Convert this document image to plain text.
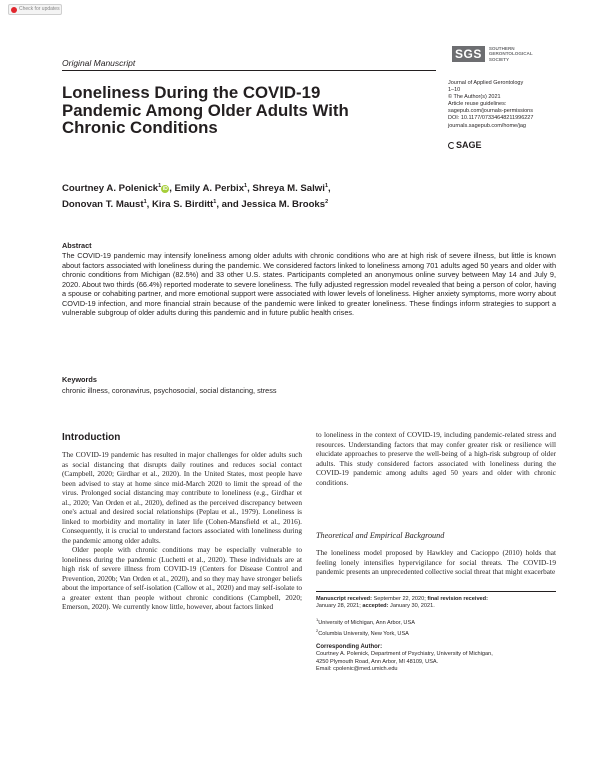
Check for updates
Original Manuscript
SGS	SOUTHERN
GERONTOLOGICAL
SOCIETY
Journal of Applied Gerontology
1–10
© The Author(s) 2021
Article reuse guidelines:
sagepub.com/journals-permissions
DOI: 10.1177/07334648211996227
journals.sagepub.com/home/jag
SAGE
Loneliness During the COVID-19
Pandemic Among Older Adults With
Chronic Conditions
Courtney A. Polenick$^1$iD , Emily A. Perbix$^1$, Shreya M. Salwi$^1$,
Donovan T. Maust$^1$, Kira S. Birditt$^1$, and Jessica M. Brooks$^2$
Abstract
The COVID-19 pandemic may intensify loneliness among older adults with chronic conditions who are at high risk of severe illness, but little is known about factors associated with loneliness during the pandemic. We considered factors linked to loneliness among 701 adults aged 50 years and older with chronic conditions from Michigan (82.5%) and 33 other U.S. states. Participants completed an anonymous online survey between May 14 and July 9, 2020. About two thirds (66.4%) reported moderate to severe loneliness. The fully adjusted regression model revealed that being a person of color, having a spouse or cohabiting partner, and more emotional support were associated with lower levels of loneliness. Higher anxiety symptoms, more worry about COVID-19 infection, and more financial strain because of the pandemic were linked to greater loneliness. These findings inform strategies to support a vulnerable subgroup of older adults during this pandemic and in future public health crises.
Keywords
chronic illness, coronavirus, psychosocial, social distancing, stress
Introduction

The COVID-19 pandemic has resulted in major challenges for older adults such as social distancing that disrupts daily routines and reduces social contact (Campbell, 2020; Girdhar et al., 2020). In the United States, most people have been advised to stay at home since mid-March 2020 to limit the spread of the virus. Prolonged social distancing may contribute to loneliness (e.g., Girdhar et al., 2020; Van Orden et al., 2020), defined as the perceived discrepancy between one's actual and desired social relationships (Peplau et al., 1979). Loneliness is linked to morbidity and mortality in later life (Cohen-Mansfield et al., 2016). Consequently, it is crucial to understand factors associated with loneliness during the pandemic among older adults.

Older people with chronic conditions may be especially vulnerable to loneliness during the pandemic (Luchetti et al., 2020). These individuals are at high risk of severe illness from COVID-19 (Centers for Disease Control and Prevention, 2020b; Van Orden et al., 2020), and so they may have stronger beliefs about the importance of self-isolation (Callow et al., 2020) and may self-isolate to a greater extent than people without chronic conditions (Campbell, 2020; Emerson, 2020). We currently know little, however, about factors linked

to loneliness in the context of COVID-19, including pandemic-related stress and resources. Understanding factors that may confer greater risk or resilience will elucidate approaches to preserve the well-being of a high-risk subgroup of older adults. This study considered factors associated with loneliness during the COVID-19 pandemic among adults aged 50 years and older with chronic conditions.

Theoretical and Empirical Background

The loneliness model proposed by Hawkley and Cacioppo (2010) holds that feeling lonely intensifies hypervigilance for social threats. The COVID-19 pandemic presents an unprecedented collective social threat that might exacerbate

Manuscript received: September 22, 2020; final revision received:
January 28, 2021; accepted: January 30, 2021.
$^1$University of Michigan, Ann Arbor, USA
$^2$Columbia University, New York, USA
Corresponding Author:
Courtney A. Polenick, Department of Psychiatry, University of Michigan,
4250 Plymouth Road, Ann Arbor, MI 48109, USA.
Email: cpolenic@med.umich.edu
